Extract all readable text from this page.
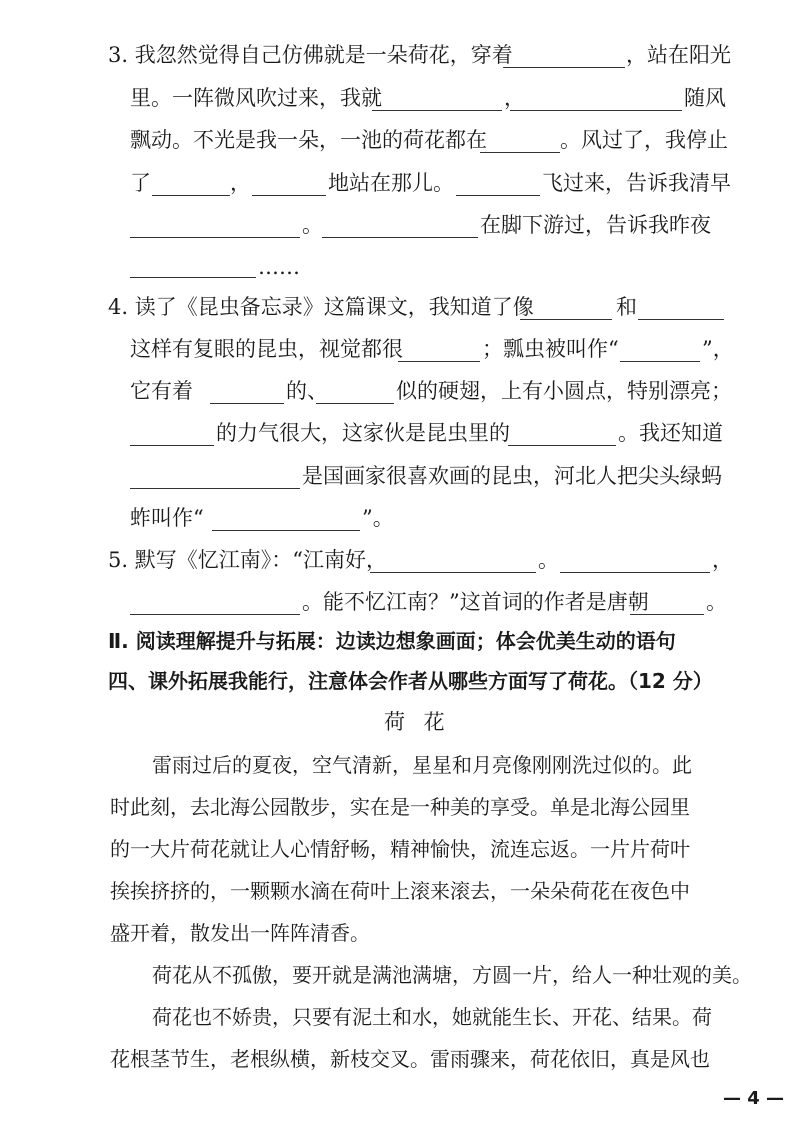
3. 我忽然觉得自己仿佛就是一朵荷花，穿着	，站在阳光
里。一阵微风吹过来，我就	，	随风
飘动。不光是我一朵，一池的荷花都在	。风过了，我停止
了	，	地站在那儿。	飞过来，告诉我清早
。	在脚下游过，告诉我昨夜
……
4. 读了《昆虫备忘录》这篇课文，我知道了像	和
这样有复眼的昆虫，视觉都很	；瓢虫被叫作“	”，
它有着	的、	似的硬翅，上有小圆点，特别漂亮；
的力气很大，这家伙是昆虫里的	。我还知道
是国画家很喜欢画的昆虫，河北人把尖头绿蚂
蚱叫作“	”。
5. 默写《忆江南》：“江南好，	。	，
。能不忆江南？”这首词的作者是唐朝	。
Ⅱ. 阅读理解提升与拓展：边读边想象画面；体会优美生动的语句
四、课外拓展我能行，注意体会作者从哪些方面写了荷花。（12 分）
荷 花
雷雨过后的夏夜，空气清新，星星和月亮像刚刚洗过似的。此
时此刻，去北海公园散步，实在是一种美的享受。单是北海公园里
的一大片荷花就让人心情舒畅，精神愉快，流连忘返。一片片荷叶
挨挨挤挤的，一颗颗水滴在荷叶上滚来滚去，一朵朵荷花在夜色中
盛开着，散发出一阵阵清香。
荷花从不孤傲，要开就是满池满塘，方圆一片，给人一种壮观的美。
荷花也不娇贵，只要有泥土和水，她就能生长、开花、结果。荷
花根茎节生，老根纵横，新枝交叉。雷雨骤来，荷花依旧，真是风也
— 4 —
